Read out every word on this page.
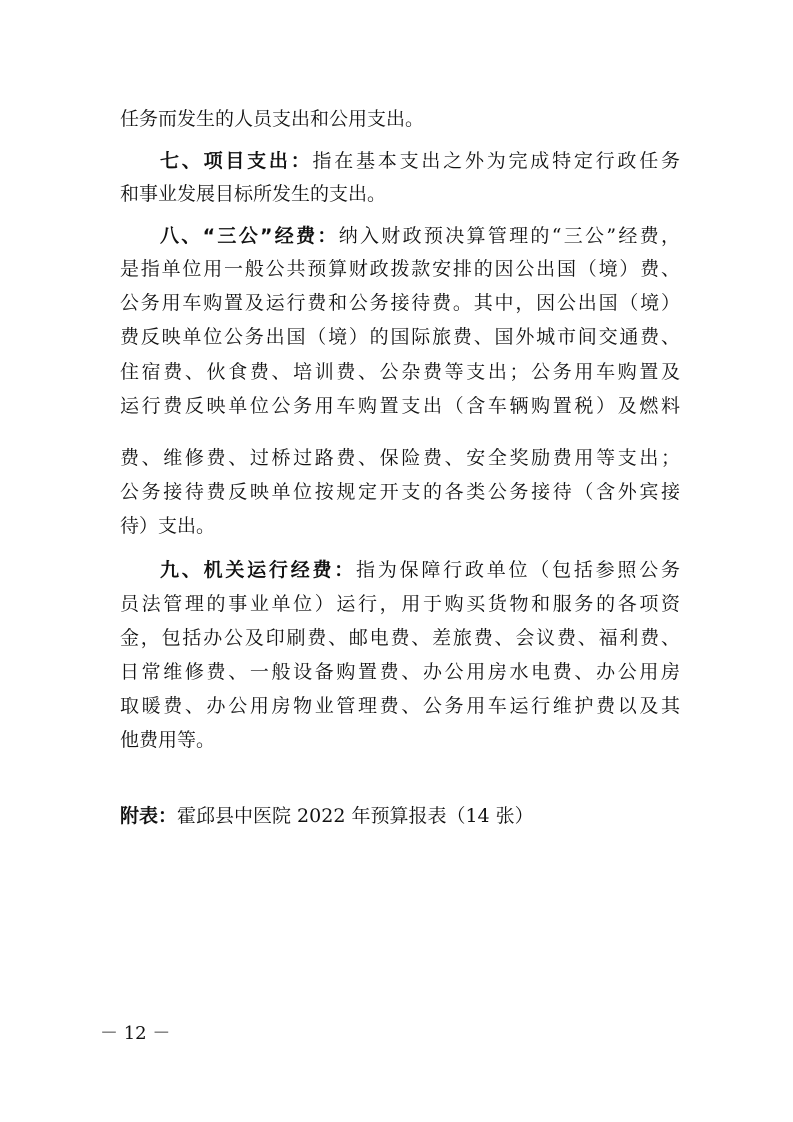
任务而发生的人员支出和公用支出。
七、项目支出：指在基本支出之外为完成特定行政任务
和事业发展目标所发生的支出。
八、“三公”经费：纳入财政预决算管理的“三公”经费，
是指单位用一般公共预算财政拨款安排的因公出国（境）费、
公务用车购置及运行费和公务接待费。其中，因公出国（境）
费反映单位公务出国（境）的国际旅费、国外城市间交通费、
住宿费、伙食费、培训费、公杂费等支出；公务用车购置及
运行费反映单位公务用车购置支出（含车辆购置税）及燃料
费、维修费、过桥过路费、保险费、安全奖励费用等支出；
公务接待费反映单位按规定开支的各类公务接待（含外宾接
待）支出。
九、机关运行经费：指为保障行政单位（包括参照公务
员法管理的事业单位）运行，用于购买货物和服务的各项资
金，包括办公及印刷费、邮电费、差旅费、会议费、福利费、
日常维修费、一般设备购置费、办公用房水电费、办公用房
取暖费、办公用房物业管理费、公务用车运行维护费以及其
他费用等。
附表：霍邱县中医院 2022 年预算报表（14 张）
－ 12 －
